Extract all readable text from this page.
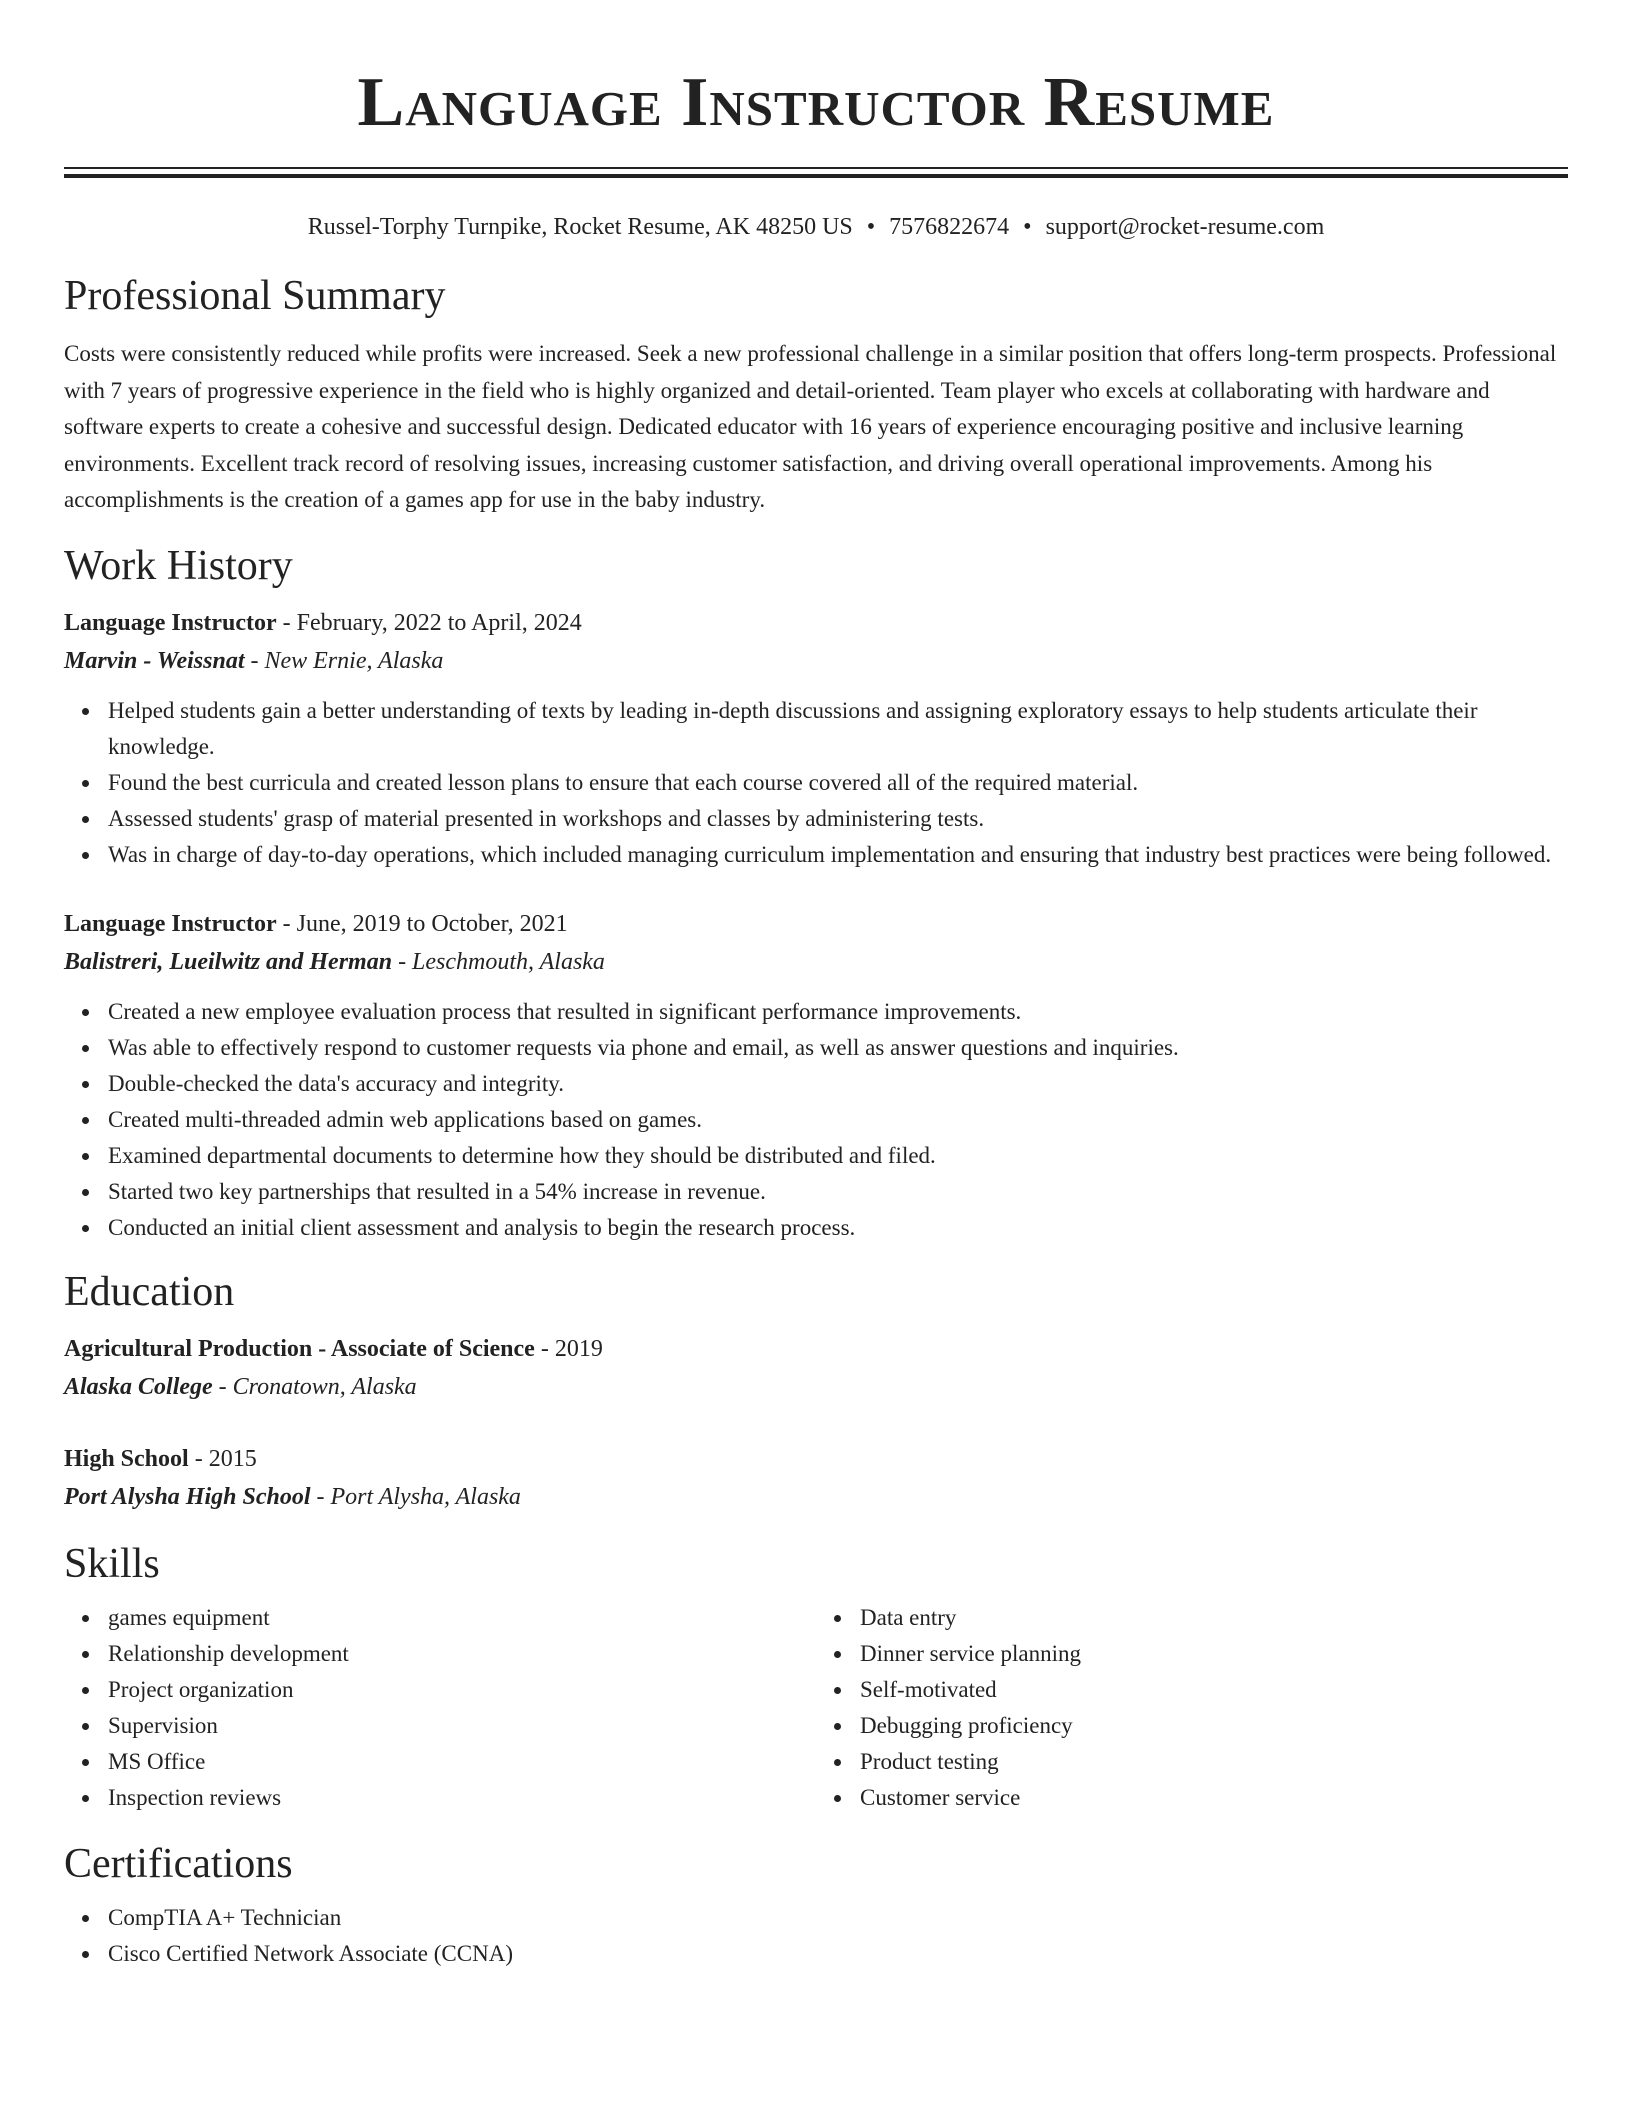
Language Instructor Resume
Russel-Torphy Turnpike, Rocket Resume, AK 48250 US • 7576822674 • support@rocket-resume.com
Professional Summary

Costs were consistently reduced while profits were increased. Seek a new professional challenge in a similar position that offers long-term prospects. Professional with 7 years of progressive experience in the field who is highly organized and detail-oriented. Team player who excels at collaborating with hardware and software experts to create a cohesive and successful design. Dedicated educator with 16 years of experience encouraging positive and inclusive learning environments. Excellent track record of resolving issues, increasing customer satisfaction, and driving overall operational improvements. Among his accomplishments is the creation of a games app for use in the baby industry.

Work History
Language Instructor - February, 2022 to April, 2024
Marvin - Weissnat - New Ernie, Alaska
Helped students gain a better understanding of texts by leading in-depth discussions and assigning exploratory essays to help students articulate their knowledge.
Found the best curricula and created lesson plans to ensure that each course covered all of the required material.
Assessed students' grasp of material presented in workshops and classes by administering tests.
Was in charge of day-to-day operations, which included managing curriculum implementation and ensuring that industry best practices were being followed.
Language Instructor - June, 2019 to October, 2021
Balistreri, Lueilwitz and Herman - Leschmouth, Alaska
Created a new employee evaluation process that resulted in significant performance improvements.
Was able to effectively respond to customer requests via phone and email, as well as answer questions and inquiries.
Double-checked the data's accuracy and integrity.
Created multi-threaded admin web applications based on games.
Examined departmental documents to determine how they should be distributed and filed.
Started two key partnerships that resulted in a 54% increase in revenue.
Conducted an initial client assessment and analysis to begin the research process.
Education
Agricultural Production - Associate of Science - 2019
Alaska College - Cronatown, Alaska
High School - 2015
Port Alysha High School - Port Alysha, Alaska
Skills
games equipment
Relationship development
Project organization
Supervision
MS Office
Inspection reviews
Data entry
Dinner service planning
Self-motivated
Debugging proficiency
Product testing
Customer service
Certifications
CompTIA A+ Technician
Cisco Certified Network Associate (CCNA)
